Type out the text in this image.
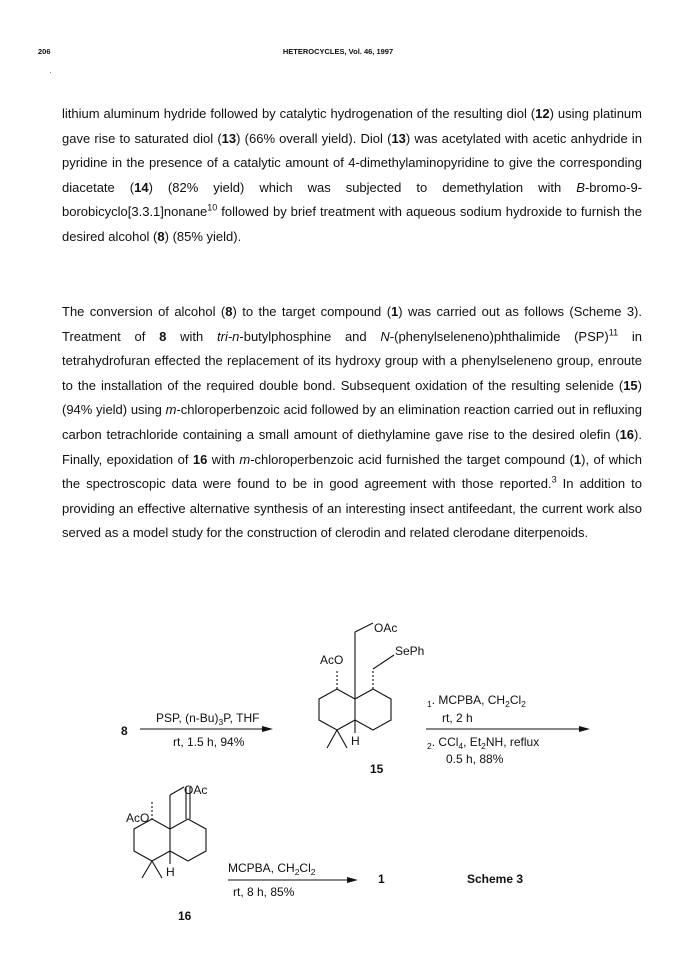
206	HETEROCYCLES, Vol. 46, 1997

lithium aluminum hydride followed by catalytic hydrogenation of the resulting diol (12) using platinum gave rise to saturated diol (13) (66% overall yield). Diol (13) was acetylated with acetic anhydride in pyridine in the presence of a catalytic amount of 4-dimethylaminopyridine to give the corresponding diacetate (14) (82% yield) which was subjected to demethylation with B-bromo-9-borobicyclo[3.3.1]nonane$^{10}$ followed by brief treatment with aqueous sodium hydroxide to furnish the desired alcohol (8) (85% yield).

The conversion of alcohol (8) to the target compound (1) was carried out as follows (Scheme 3). Treatment of 8 with tri-n-butylphosphine and N-(phenylseleneno)phthalimide (PSP)$^{11}$ in tetrahydrofuran effected the replacement of its hydroxy group with a phenylseleneno group, enroute to the installation of the required double bond. Subsequent oxidation of the resulting selenide (15) (94% yield) using m-chloroperbenzoic acid followed by an elimination reaction carried out in refluxing carbon tetrachloride containing a small amount of diethylamine gave rise to the desired olefin (16). Finally, epoxidation of 16 with m-chloroperbenzoic acid furnished the target compound (1), of which the spectroscopic data were found to be in good agreement with those reported.$^3$ In addition to providing an effective alternative synthesis of an interesting insect antifeedant, the current work also served as a model study for the construction of clerodin and related clerodane diterpenoids.

8
PSP, $(n-Bu)_3P$, THF
rt, 1.5 h, 94%
OAc
AcO
SePh
H
15
$_1$. MCPBA, $CH_2Cl_2$
rt, 2 h
$_2$. CCl$_4$, $Et_2NH$, reflux
0.5 h, 88%
OAc
AcO
H
16
MCPBA, $CH_2Cl_2$
rt, 8 h, 85%
1	Scheme 3
